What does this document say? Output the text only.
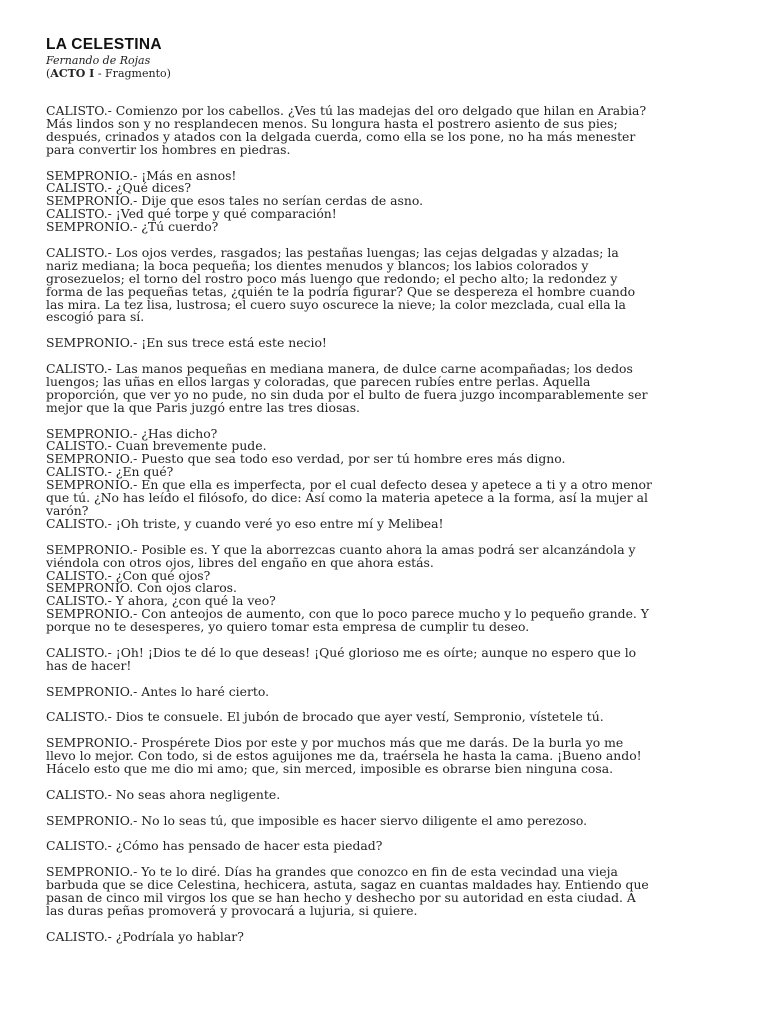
LA CELESTINA

Fernando de Rojas

(ACTO I - Fragmento)

CALISTO.- Comienzo por los cabellos. ¿Ves tú las madejas del oro delgado que hilan en Arabia?
Más lindos son y no resplandecen menos. Su longura hasta el postrero asiento de sus pies;
después, crinados y atados con la delgada cuerda, como ella se los pone, no ha más menester
para convertir los hombres en piedras.

SEMPRONIO.- ¡Más en asnos!
CALISTO.- ¿Qué dices?
SEMPRONIO.- Dije que esos tales no serían cerdas de asno.
CALISTO.- ¡Ved qué torpe y qué comparación!
SEMPRONIO.- ¿Tú cuerdo?

CALISTO.- Los ojos verdes, rasgados; las pestañas luengas; las cejas delgadas y alzadas; la
nariz mediana; la boca pequeña; los dientes menudos y blancos; los labios colorados y
grosezuelos; el torno del rostro poco más luengo que redondo; el pecho alto; la redondez y
forma de las pequeñas tetas, ¿quién te la podría figurar? Que se despereza el hombre cuando
las mira. La tez lisa, lustrosa; el cuero suyo oscurece la nieve; la color mezclada, cual ella la
escogió para sí.

SEMPRONIO.- ¡En sus trece está este necio!

CALISTO.- Las manos pequeñas en mediana manera, de dulce carne acompañadas; los dedos
luengos; las uñas en ellos largas y coloradas, que parecen rubíes entre perlas. Aquella
proporción, que ver yo no pude, no sin duda por el bulto de fuera juzgo incomparablemente ser
mejor que la que Paris juzgó entre las tres diosas.

SEMPRONIO.- ¿Has dicho?
CALISTO.- Cuan brevemente pude.
SEMPRONIO.- Puesto que sea todo eso verdad, por ser tú hombre eres más digno.
CALISTO.- ¿En qué?
SEMPRONIO.- En que ella es imperfecta, por el cual defecto desea y apetece a ti y a otro menor
que tú. ¿No has leído el filósofo, do dice: Así como la materia apetece a la forma, así la mujer al
varón?
CALISTO.- ¡Oh triste, y cuando veré yo eso entre mí y Melibea!

SEMPRONIO.- Posible es. Y que la aborrezcas cuanto ahora la amas podrá ser alcanzándola y
viéndola con otros ojos, libres del engaño en que ahora estás.
CALISTO.- ¿Con qué ojos?
SEMPRONIO. Con ojos claros.
CALISTO.- Y ahora, ¿con qué la veo?
SEMPRONIO.- Con anteojos de aumento, con que lo poco parece mucho y lo pequeño grande. Y
porque no te desesperes, yo quiero tomar esta empresa de cumplir tu deseo.

CALISTO.- ¡Oh! ¡Dios te dé lo que deseas! ¡Qué glorioso me es oírte; aunque no espero que lo
has de hacer!

SEMPRONIO.- Antes lo haré cierto.

CALISTO.- Dios te consuele. El jubón de brocado que ayer vestí, Sempronio, vístetele tú.

SEMPRONIO.- Prospérete Dios por este y por muchos más que me darás. De la burla yo me
llevo lo mejor. Con todo, si de estos aguijones me da, traérsela he hasta la cama. ¡Bueno ando!
Hácelo esto que me dio mi amo; que, sin merced, imposible es obrarse bien ninguna cosa.

CALISTO.- No seas ahora negligente.

SEMPRONIO.- No lo seas tú, que imposible es hacer siervo diligente el amo perezoso.

CALISTO.- ¿Cómo has pensado de hacer esta piedad?

SEMPRONIO.- Yo te lo diré. Días ha grandes que conozco en fin de esta vecindad una vieja
barbuda que se dice Celestina, hechicera, astuta, sagaz en cuantas maldades hay. Entiendo que
pasan de cinco mil virgos los que se han hecho y deshecho por su autoridad en esta ciudad. A
las duras peñas promoverá y provocará a lujuria, si quiere.

CALISTO.- ¿Podríala yo hablar?
